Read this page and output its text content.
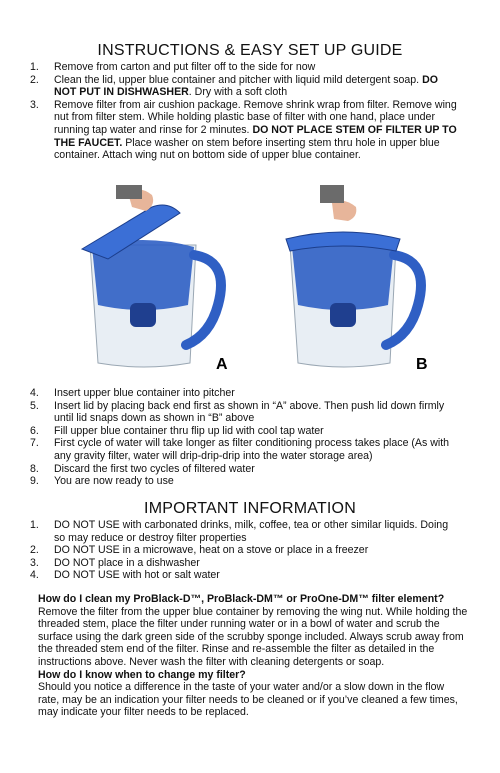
INSTRUCTIONS & EASY SET UP GUIDE
1. Remove from carton and put filter off to the side for now
2. Clean the lid, upper blue container and pitcher with liquid mild detergent soap. DO NOT PUT IN DISHWASHER. Dry with a soft cloth
3. Remove filter from air cushion package. Remove shrink wrap from filter. Remove wing nut from filter stem. While holding plastic base of filter with one hand, place under running tap water and rinse for 2 minutes. DO NOT PLACE STEM OF FILTER UP TO THE FAUCET. Place washer on stem before inserting stem thru hole in upper blue container. Attach wing nut on bottom side of upper blue container.
A	B
4. Insert upper blue container into pitcher
5. Insert lid by placing back end first as shown in “A” above. Then push lid down firmly until lid snaps down as shown in “B” above
6. Fill upper blue container thru flip up lid with cool tap water
7. First cycle of water will take longer as filter conditioning process takes place (As with any gravity filter, water will drip-drip-drip into the water storage area)
8. Discard the first two cycles of filtered water
9. You are now ready to use
IMPORTANT INFORMATION
1. DO NOT USE with carbonated drinks, milk, coffee, tea or other similar liquids. Doing so may reduce or destroy filter properties
2. DO NOT USE in a microwave, heat on a stove or place in a freezer
3. DO NOT place in a dishwasher
4. DO NOT USE with hot or salt water
How do I clean my ProBlack-D™, ProBlack-DM™ or ProOne-DM™ filter element?
Remove the filter from the upper blue container by removing the wing nut. While holding the threaded stem, place the filter under running water or in a bowl of water and scrub the surface using the dark green side of the scrubby sponge included. Always scrub away from the threaded stem end of the filter. Rinse and re-assemble the filter as detailed in the instructions above. Never wash the filter with cleaning detergents or soap.
How do I know when to change my filter?
Should you notice a difference in the taste of your water and/or a slow down in the flow rate, may be an indication your filter needs to be cleaned or if you’ve cleaned a few times, may indicate your filter needs to be replaced.
